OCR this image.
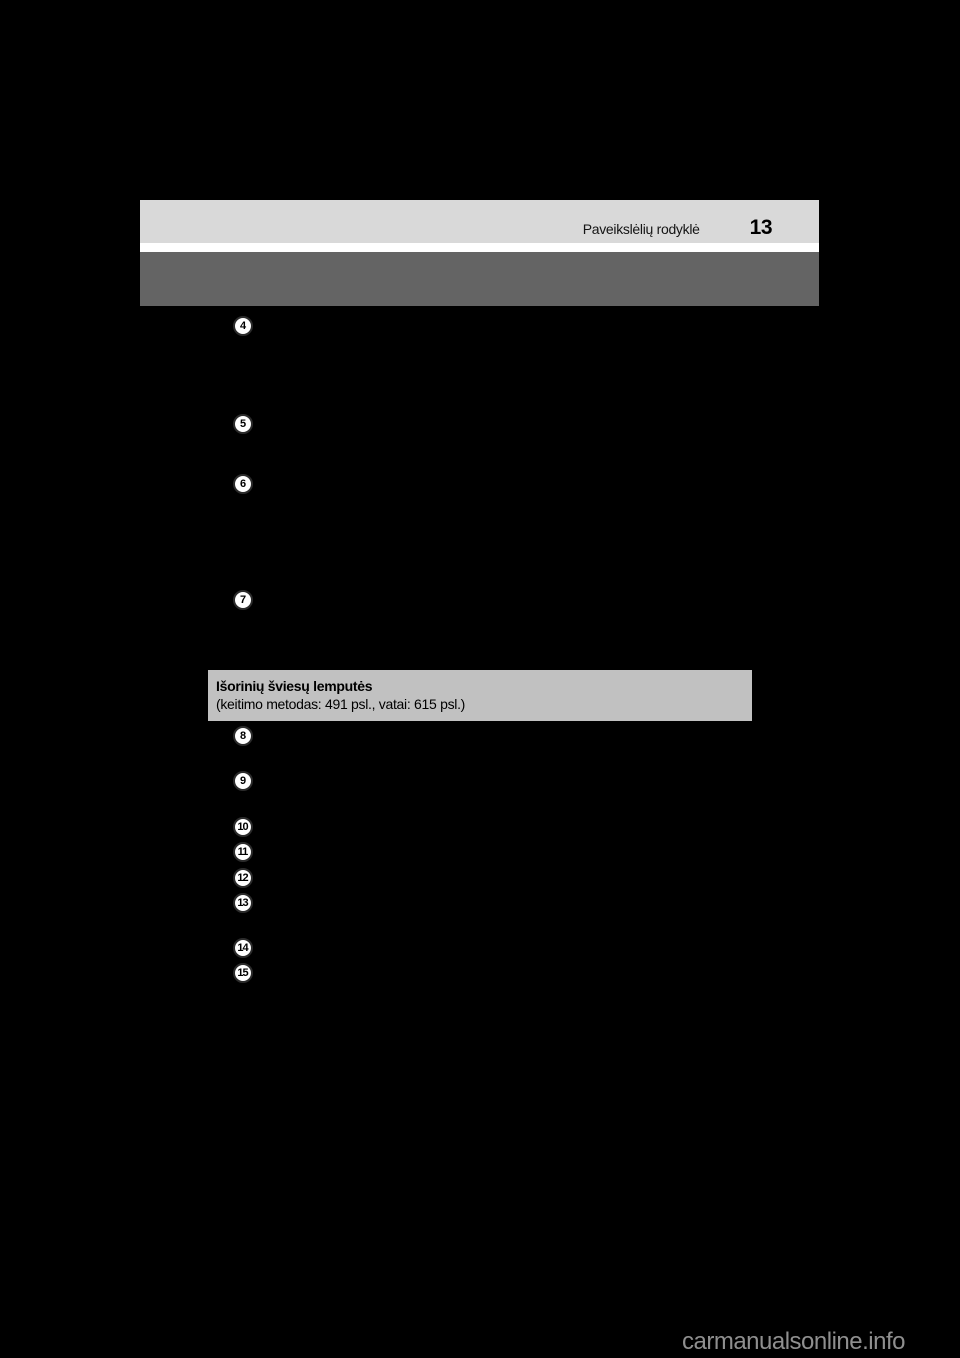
Paveikslėlių rodyklė 13
4
5
6
7
8
9
10
11
12
13
14
15
Išorinių šviesų lemputės
(keitimo metodas: 491 psl., vatai: 615 psl.)
carmanualsonline.info
